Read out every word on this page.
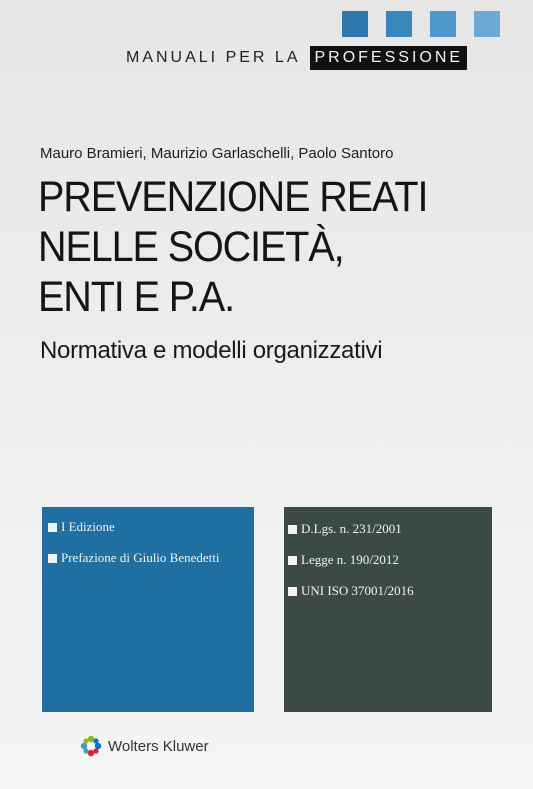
MANUALI PER LA PROFESSIONE
Mauro Bramieri, Maurizio Garlaschelli, Paolo Santoro
PREVENZIONE REATI
NELLE SOCIETÀ,
ENTI E P.A.
Normativa e modelli organizzativi
I Edizione
Prefazione di Giulio Benedetti
D.Lgs. n. 231/2001
Legge n. 190/2012
UNI ISO 37001/2016
Wolters Kluwer
